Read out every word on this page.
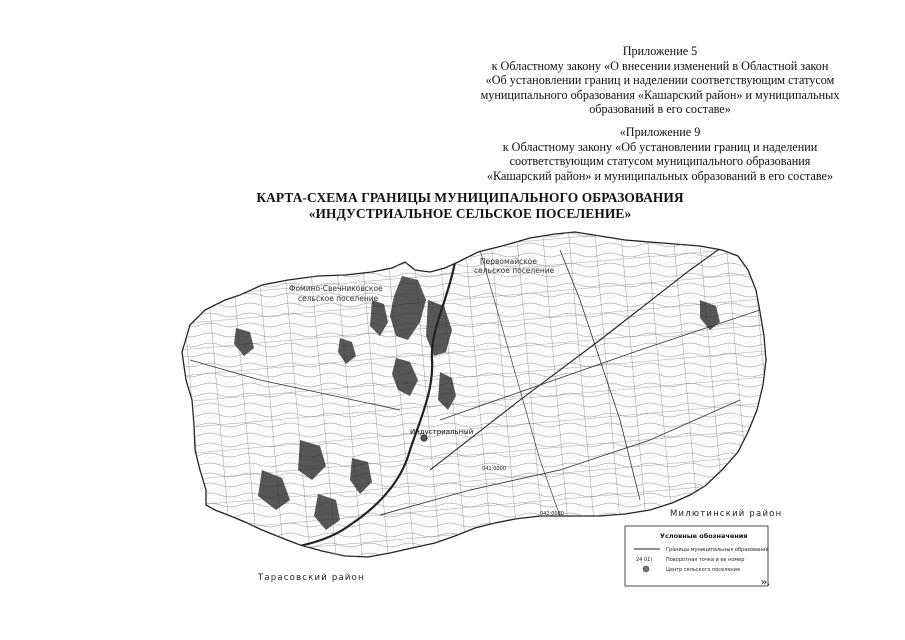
Приложение 5
к Областному закону «О внесении изменений в Областной закон
«Об установлении границ и наделении соответствующим статусом
муниципального образования «Кашарский район» и муниципальных
образований в его составе»
«Приложение 9
к Областному закону «Об установлении границ и наделении
соответствующим статусом муниципального образования
«Кашарский район» и муниципальных образований в его составе»
КАРТА-СХЕМА ГРАНИЦЫ МУНИЦИПАЛЬНОГО ОБРАЗОВАНИЯ
«ИНДУСТРИАЛЬНОЕ СЕЛЬСКОЕ ПОСЕЛЕНИЕ»
Индустриальный
042:0080
042:0000
Первомайское
сельское поселение
Фомино-Свечниковское
сельское поселение
Милютинский район
Тарасовский район
Условные обозначения
Границы муниципальных образований
24 01)	Поворотная точка и ее номер
Центр сельского поселения
».
